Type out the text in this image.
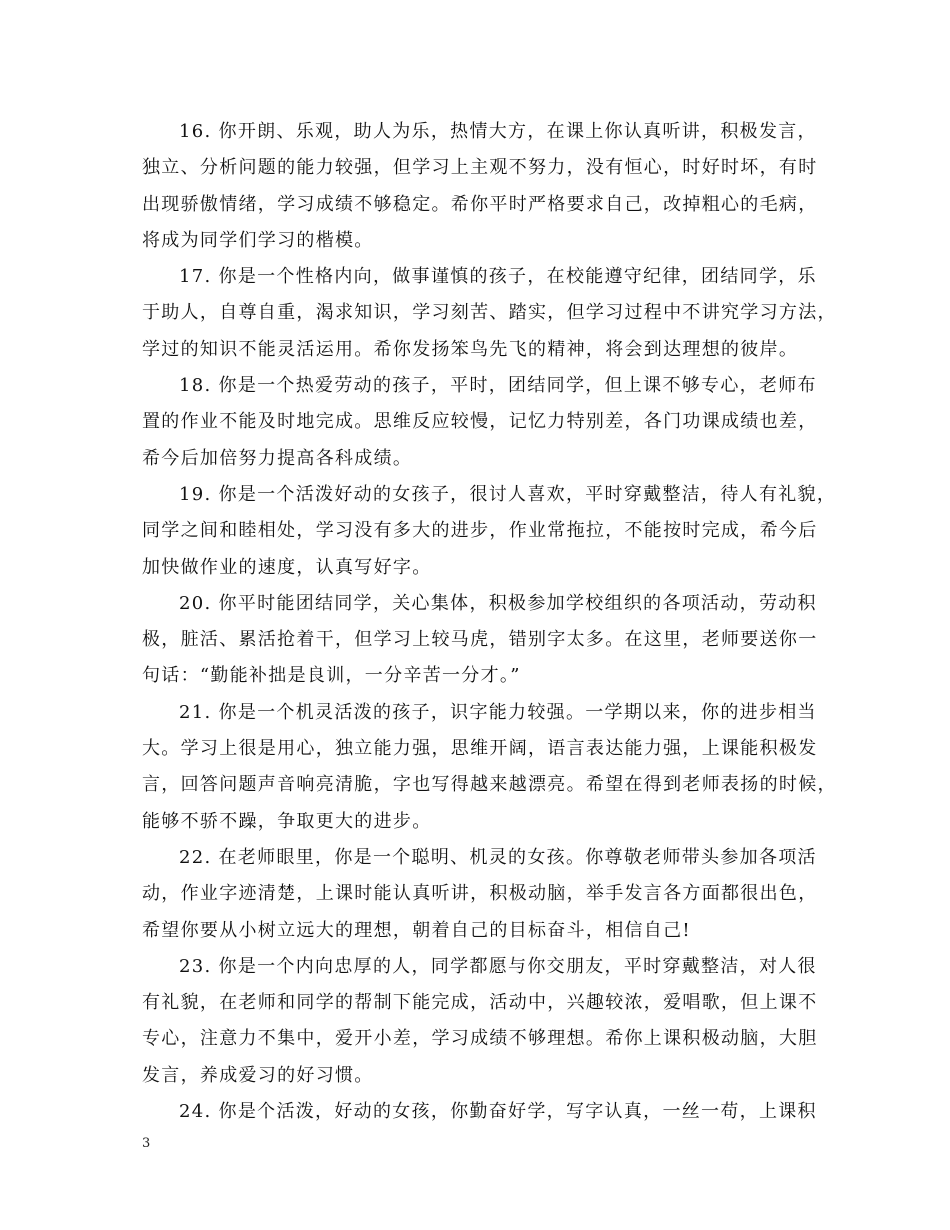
16. 你开朗、乐观，助人为乐，热情大方，在课上你认真听讲，积极发言，
独立、分析问题的能力较强，但学习上主观不努力，没有恒心，时好时坏，有时
出现骄傲情绪，学习成绩不够稳定。希你平时严格要求自己，改掉粗心的毛病，
将成为同学们学习的楷模。

17. 你是一个性格内向，做事谨慎的孩子，在校能遵守纪律，团结同学，乐
于助人，自尊自重，渴求知识，学习刻苦、踏实，但学习过程中不讲究学习方法，
学过的知识不能灵活运用。希你发扬笨鸟先飞的精神，将会到达理想的彼岸。

18. 你是一个热爱劳动的孩子，平时，团结同学，但上课不够专心，老师布
置的作业不能及时地完成。思维反应较慢，记忆力特别差，各门功课成绩也差，
希今后加倍努力提高各科成绩。

19. 你是一个活泼好动的女孩子，很讨人喜欢，平时穿戴整洁，待人有礼貌，
同学之间和睦相处，学习没有多大的进步，作业常拖拉，不能按时完成，希今后
加快做作业的速度，认真写好字。

20. 你平时能团结同学，关心集体，积极参加学校组织的各项活动，劳动积
极，脏活、累活抢着干，但学习上较马虎，错别字太多。在这里，老师要送你一
句话：“勤能补拙是良训，一分辛苦一分才。”

21. 你是一个机灵活泼的孩子，识字能力较强。一学期以来，你的进步相当
大。学习上很是用心，独立能力强，思维开阔，语言表达能力强，上课能积极发
言，回答问题声音响亮清脆，字也写得越来越漂亮。希望在得到老师表扬的时候，
能够不骄不躁，争取更大的进步。

22. 在老师眼里，你是一个聪明、机灵的女孩。你尊敬老师带头参加各项活
动，作业字迹清楚，上课时能认真听讲，积极动脑，举手发言各方面都很出色，
希望你要从小树立远大的理想，朝着自己的目标奋斗，相信自己!

23. 你是一个内向忠厚的人，同学都愿与你交朋友，平时穿戴整洁，对人很
有礼貌，在老师和同学的帮制下能完成，活动中，兴趣较浓，爱唱歌，但上课不
专心，注意力不集中，爱开小差，学习成绩不够理想。希你上课积极动脑，大胆
发言，养成爱习的好习惯。

24. 你是个活泼，好动的女孩，你勤奋好学，写字认真，一丝一苟，上课积

3
